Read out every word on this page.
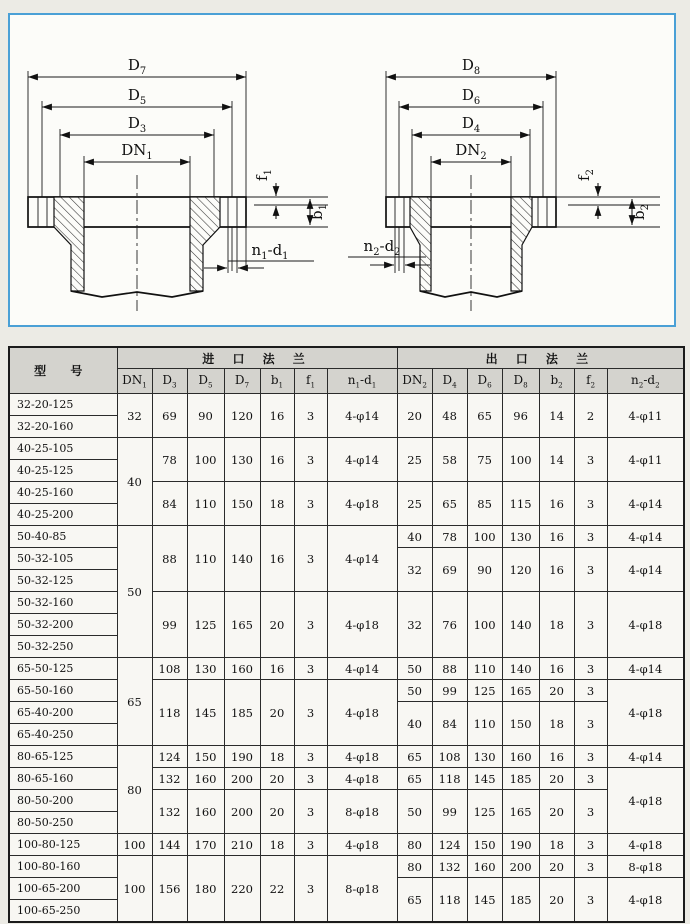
$D_7$
$D_5$
$D_3$
$DN_1$
$f_1$
$b_1$
$n_1-d_1$
$D_8$
$D_6$
$D_4$
$DN_2$
$f_2$
$b_2$
$n_2-d_2$
型 号	进 口 法 兰							出 口 法 兰						
	$DN_1$	$D_3$	$D_5$	$D_7$	$b_1$	$f_1$	$n_1-d_1$	$DN_2$	$D_4$	$D_6$	$D_8$	$b_2$	$f_2$	$n_2-d_2$
32-20-125	32	69	90	120	16	3	4-φ14	20	48	65	96	14	2	4-φ11
32-20-160														
40-25-105	40	78	100	130	16	3	4-φ14	25	58	75	100	14	3	4-φ11
40-25-125														
40-25-160		84	110	150	18	3	4-φ18	25	65	85	115	16	3	4-φ14
40-25-200														
50-40-85	50	88	110	140	16	3	4-φ14	40	78	100	130	16	3	4-φ14
50-32-105								32	69	90	120	16	3	4-φ14
50-32-125														
50-32-160		99	125	165	20	3	4-φ18	32	76	100	140	18	3	4-φ18
50-32-200														
50-32-250														
65-50-125	65	108	130	160	16	3	4-φ14	50	88	110	140	16	3	4-φ14
65-50-160		118	145	185	20	3	4-φ18	50	99	125	165	20	3	4-φ18
65-40-200								40	84	110	150	18	3	
65-40-250														
80-65-125	80	124	150	190	18	3	4-φ18	65	108	130	160	16	3	4-φ14
80-65-160		132	160	200	20	3	4-φ18	65	118	145	185	20	3	4-φ18
80-50-200		132	160	200	20	3	8-φ18	50	99	125	165	20	3	
80-50-250														
100-80-125	100	144	170	210	18	3	4-φ18	80	124	150	190	18	3	4-φ18
100-80-160	100	156	180	220	22	3	8-φ18	80	132	160	200	20	3	8-φ18
100-65-200								65	118	145	185	20	3	4-φ18
100-65-250														
